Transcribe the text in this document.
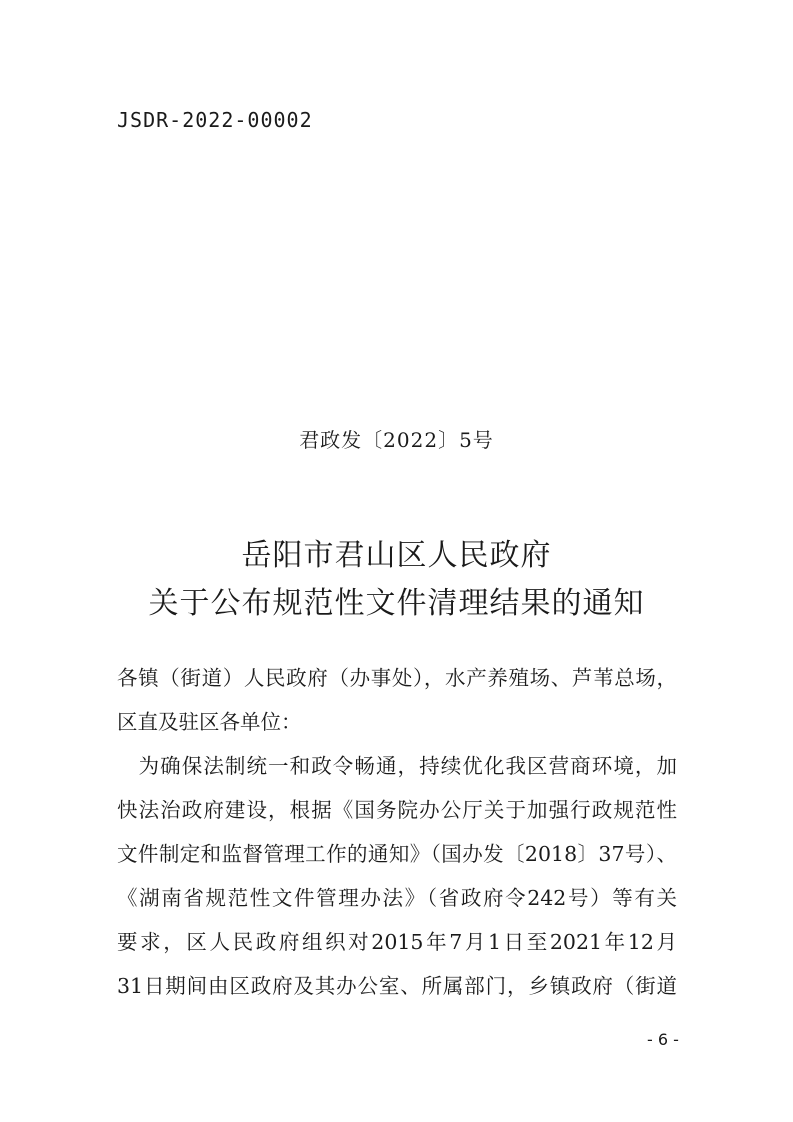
JSDR-2022-00002
君政发〔2022〕5号
岳阳市君山区人民政府
关于公布规范性文件清理结果的通知
各镇（街道）人民政府（办事处），水产养殖场、芦苇总场，
区直及驻区各单位：
　为确保法制统一和政令畅通，持续优化我区营商环境，加
快法治政府建设，根据《国务院办公厅关于加强行政规范性
文件制定和监督管理工作的通知》（国办发〔2018〕37号）、
《湖南省规范性文件管理办法》（省政府令242号）等有关
要求，区人民政府组织对2015年7月1日至2021年12月
31日期间由区政府及其办公室、所属部门，乡镇政府（街道
- 6 -
